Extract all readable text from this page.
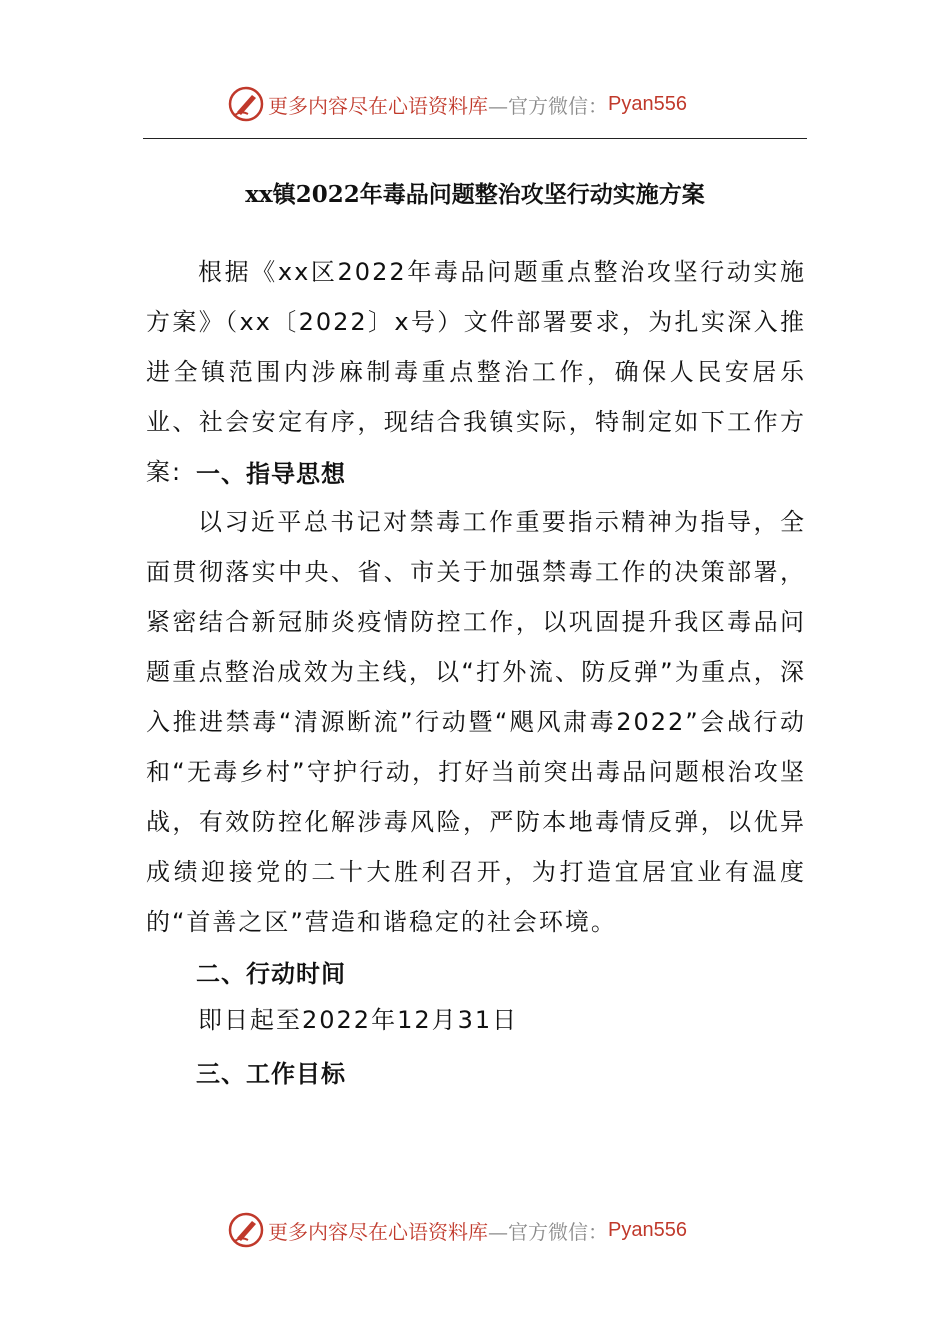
更多内容尽在心语资料库 —官方微信： Pyan556
xx镇2022年毒品问题整治攻坚行动实施方案
根据《xx区2022年毒品问题重点整治攻坚行动实施方案》（xx〔2022〕x号）文件部署要求，为扎实深入推进全镇范围内涉麻制毒重点整治工作，确保人民安居乐业、社会安定有序，现结合我镇实际，特制定如下工作方案: 一、指导思想
以习近平总书记对禁毒工作重要指示精神为指导，全面贯彻落实中央、省、市关于加强禁毒工作的决策部署，紧密结合新冠肺炎疫情防控工作，以巩固提升我区毒品问题重点整治成效为主线，以“打外流、防反弹”为重点，深入推进禁毒“清源断流”行动暨“飓风肃毒2022”会战行动和“无毒乡村”守护行动，打好当前突出毒品问题根治攻坚战，有效防控化解涉毒风险，严防本地毒情反弹，以优异成绩迎接党的二十大胜利召开，为打造宜居宜业有温度的“首善之区”营造和谐稳定的社会环境。
二、行动时间
即日起至2022年12月31日
三、工作目标
更多内容尽在心语资料库 —官方微信： Pyan556
